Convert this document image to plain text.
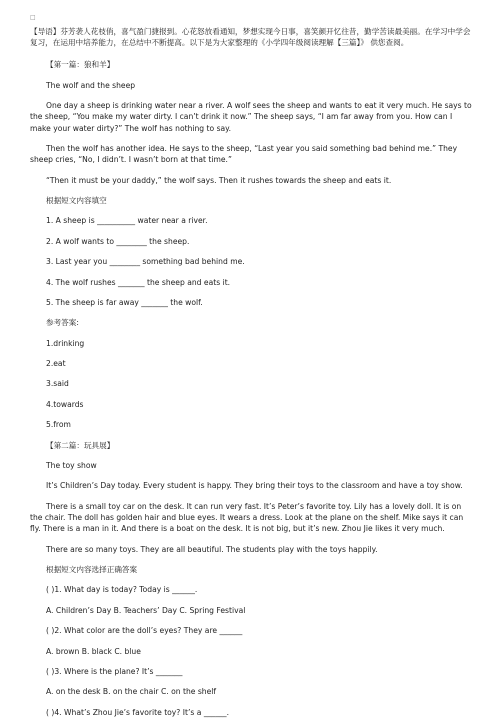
□
【导语】芬芳袭人花枝俏，喜气盈门捷报到。心花怒放看通知，梦想实现今日事，喜笑颜开忆往昔，勤学苦读最美丽。在学习中学会复习，在运用中培养能力，在总结中不断提高。以下是为大家整理的《小学四年级阅读理解【三篇】》 供您查阅。
【第一篇：狼和羊】
The wolf and the sheep
One day a sheep is drinking water near a river. A wolf sees the sheep and wants to eat it very much. He says to the sheep, “You make my water dirty. I can’t drink it now.” The sheep says, “I am far away from you. How can I make your water dirty?” The wolf has nothing to say.
Then the wolf has another idea. He says to the sheep, “Last year you said something bad behind me.” They sheep cries, “No, I didn’t. I wasn’t born at that time.”
“Then it must be your daddy,” the wolf says. Then it rushes towards the sheep and eats it.
根据短文内容填空
1. A sheep is __________ water near a river.
2. A wolf wants to ________ the sheep.
3. Last year you ________ something bad behind me.
4. The wolf rushes _______ the sheep and eats it.
5. The sheep is far away _______ the wolf.
参考答案:
1.drinking
2.eat
3.said
4.towards
5.from
【第二篇：玩具展】
The toy show
It’s Children’s Day today. Every student is happy. They bring their toys to the classroom and have a toy show.
There is a small toy car on the desk. It can run very fast. It’s Peter’s favorite toy. Lily has a lovely doll. It is on the chair. The doll has golden hair and blue eyes. It wears a dress. Look at the plane on the shelf. Mike says it can fly. There is a man in it. And there is a boat on the desk. It is not big, but it’s new. Zhou Jie likes it very much.
There are so many toys. They are all beautiful. The students play with the toys happily.
根据短文内容选择正确答案
( )1. What day is today? Today is ______.
A. Children’s Day B. Teachers’ Day C. Spring Festival
( )2. What color are the doll’s eyes? They are ______
A. brown B. black C. blue
( )3. Where is the plane? It’s _______
A. on the desk B. on the chair C. on the shelf
( )4. What’s Zhou Jie’s favorite toy? It’s a ______.
